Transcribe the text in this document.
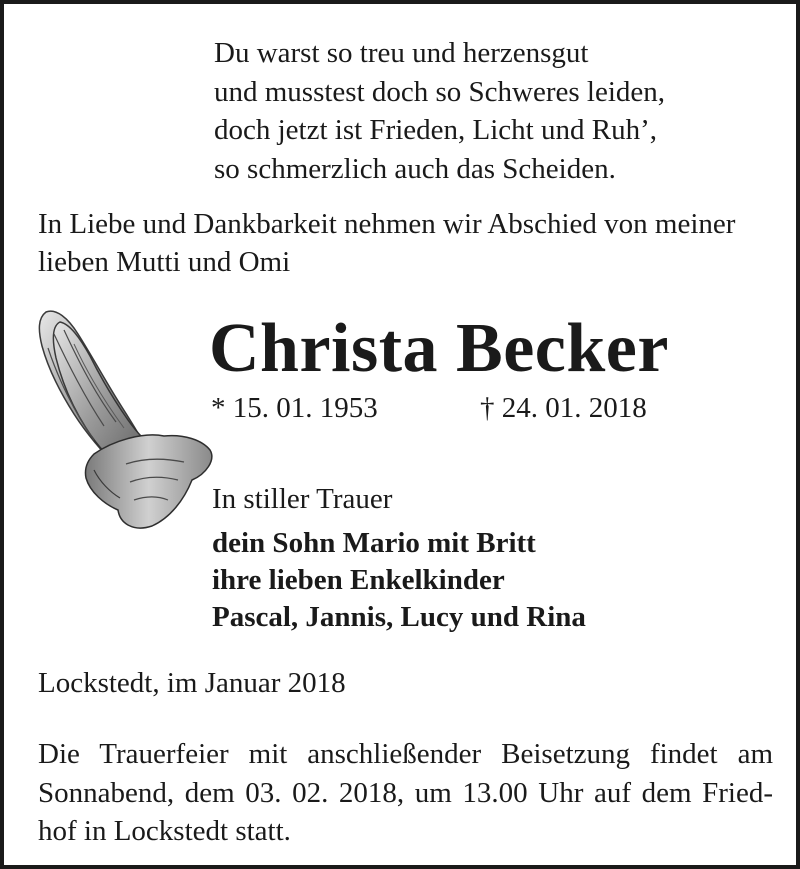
Du warst so treu und herzensgut
und musstest doch so Schweres leiden,
doch jetzt ist Frieden, Licht und Ruh’,
so schmerzlich auch das Scheiden.
In Liebe und Dankbarkeit nehmen wir Abschied von meiner
lieben Mutti und Omi
Christa Becker
* 15. 01. 1953	† 24. 01. 2018
In stiller Trauer
dein Sohn Mario mit Britt
ihre lieben Enkelkinder
Pascal, Jannis, Lucy und Rina
Lockstedt, im Januar 2018
Die Trauerfeier mit anschließender Beisetzung findet am
Sonnabend, dem 03. 02. 2018, um 13.00 Uhr auf dem Fried-
hof in Lockstedt statt.
